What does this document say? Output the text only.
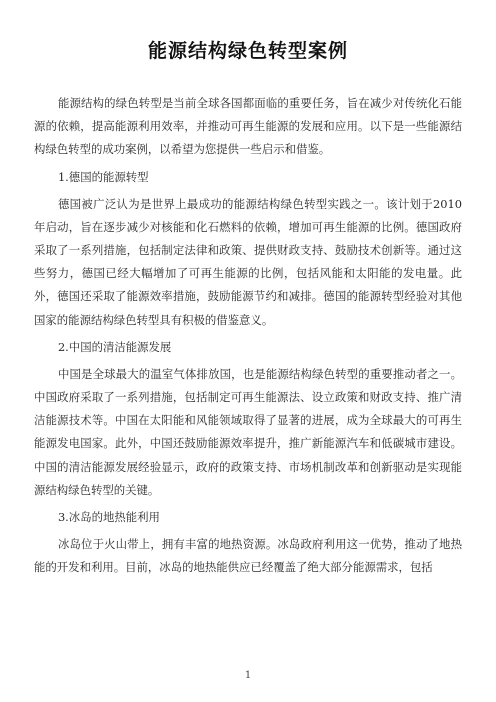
能源结构绿色转型案例

能源结构的绿色转型是当前全球各国都面临的重要任务，旨在减少对传统化石能源的依赖，提高能源利用效率，并推动可再生能源的发展和应用。以下是一些能源结构绿色转型的成功案例，以希望为您提供一些启示和借鉴。

1.德国的能源转型

德国被广泛认为是世界上最成功的能源结构绿色转型实践之一。该计划于2010年启动，旨在逐步减少对核能和化石燃料的依赖，增加可再生能源的比例。德国政府采取了一系列措施，包括制定法律和政策、提供财政支持、鼓励技术创新等。通过这些努力，德国已经大幅增加了可再生能源的比例，包括风能和太阳能的发电量。此外，德国还采取了能源效率措施，鼓励能源节约和减排。德国的能源转型经验对其他国家的能源结构绿色转型具有积极的借鉴意义。

2.中国的清洁能源发展

中国是全球最大的温室气体排放国，也是能源结构绿色转型的重要推动者之一。中国政府采取了一系列措施，包括制定可再生能源法、设立政策和财政支持、推广清洁能源技术等。中国在太阳能和风能领域取得了显著的进展，成为全球最大的可再生能源发电国家。此外，中国还鼓励能源效率提升，推广新能源汽车和低碳城市建设。中国的清洁能源发展经验显示，政府的政策支持、市场机制改革和创新驱动是实现能源结构绿色转型的关键。

3.冰岛的地热能利用

冰岛位于火山带上，拥有丰富的地热资源。冰岛政府利用这一优势，推动了地热能的开发和利用。目前，冰岛的地热能供应已经覆盖了绝大部分能源需求，包括

1
